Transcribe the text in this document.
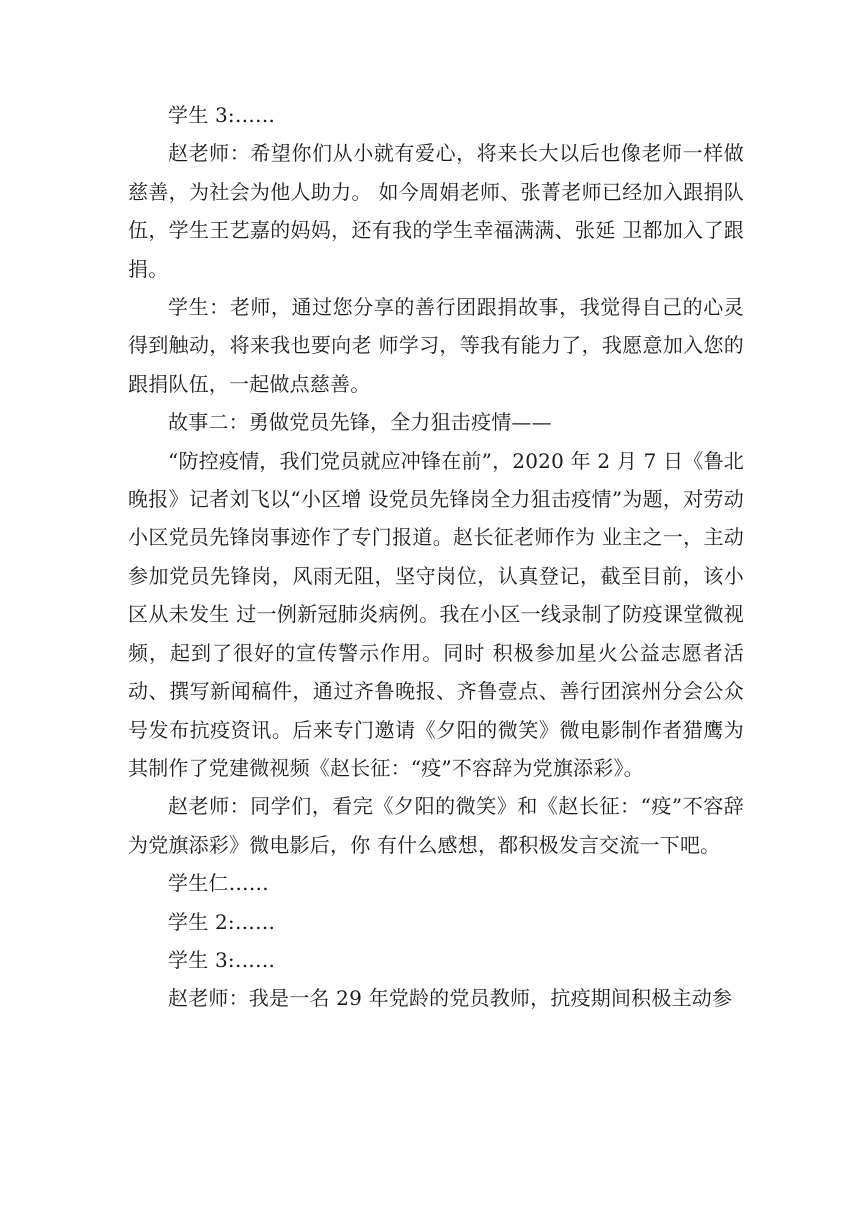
学生 3:……

赵老师：希望你们从小就有爱心，将来长大以后也像老师一样做慈善，为社会为他人助力。 如今周娟老师、张菁老师已经加入跟捐队伍，学生王艺嘉的妈妈，还有我的学生幸福满满、张延 卫都加入了跟捐。

学生：老师，通过您分享的善行团跟捐故事，我觉得自己的心灵得到触动，将来我也要向老 师学习，等我有能力了，我愿意加入您的跟捐队伍，一起做点慈善。

故事二：勇做党员先锋，全力狙击疫情——

“防控疫情，我们党员就应冲锋在前”，2020 年 2 月 7 日《鲁北晚报》记者刘飞以“小区增 设党员先锋岗全力狙击疫情”为题，对劳动小区党员先锋岗事迹作了专门报道。赵长征老师作为 业主之一，主动参加党员先锋岗，风雨无阻，坚守岗位，认真登记，截至目前，该小区从未发生 过一例新冠肺炎病例。我在小区一线录制了防疫课堂微视频，起到了很好的宣传警示作用。同时 积极参加星火公益志愿者活动、撰写新闻稿件，通过齐鲁晚报、齐鲁壹点、善行团滨州分会公众 号发布抗疫资讯。后来专门邀请《夕阳的微笑》微电影制作者猎鹰为其制作了党建微视频《赵长征：“疫”不容辞为党旗添彩》。

赵老师：同学们，看完《夕阳的微笑》和《赵长征：“疫”不容辞为党旗添彩》微电影后，你 有什么感想，都积极发言交流一下吧。

学生仁……

学生 2:……

学生 3:……

赵老师：我是一名 29 年党龄的党员教师，抗疫期间积极主动参
